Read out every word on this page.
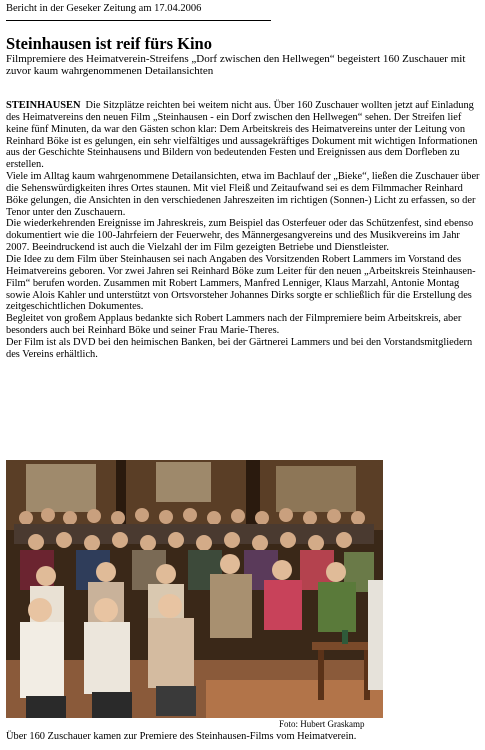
Bericht in der Geseker Zeitung am 17.04.2006
Steinhausen ist reif fürs Kino

Filmpremiere des Heimatverein-Streifens „Dorf zwischen den Hellwegen“ begeistert 160 Zuschauer mit zuvor kaum wahrgenommenen Detailansichten

STEINHAUSEN Die Sitzplätze reichten bei weitem nicht aus. Über 160 Zuschauer wollten jetzt auf Einladung des Heimatvereins den neuen Film „Steinhausen - ein Dorf zwischen den Hellwegen“ sehen. Der Streifen lief keine fünf Minuten, da war den Gästen schon klar: Dem Arbeitskreis des Heimatvereins unter der Leitung von Reinhard Böke ist es gelungen, ein sehr vielfältiges und aussagekräftiges Dokument mit wichtigen Informationen aus der Geschichte Steinhausens und Bildern von bedeutenden Festen und Ereignissen aus dem Dorfleben zu erstellen.

Viele im Alltag kaum wahrgenommene Detailansichten, etwa im Bachlauf der „Bieke“, ließen die Zuschauer über die Sehenswürdigkeiten ihres Ortes staunen. Mit viel Fleiß und Zeitaufwand sei es dem Filmmacher Reinhard Böke gelungen, die Ansichten in den verschiedenen Jahreszeiten im richtigen (Sonnen-) Licht zu erfassen, so der Tenor unter den Zuschauern.

Die wiederkehrenden Ereignisse im Jahreskreis, zum Beispiel das Osterfeuer oder das Schützenfest, sind ebenso dokumentiert wie die 100-Jahrfeiern der Feuerwehr, des Männergesangvereins und des Musikvereins im Jahr 2007. Beeindruckend ist auch die Vielzahl der im Film gezeigten Betriebe und Dienstleister.

Die Idee zu dem Film über Steinhausen sei nach Angaben des Vorsitzenden Robert Lammers im Vorstand des Heimatvereins geboren. Vor zwei Jahren sei Reinhard Böke zum Leiter für den neuen „Arbeitskreis Steinhausen-Film“ berufen worden. Zusammen mit Robert Lammers, Manfred Lenniger, Klaus Marzahl, Antonie Montag sowie Alois Kahler und unterstützt von Ortsvorsteher Johannes Dirks sorgte er schließlich für die Erstellung des zeitgeschichtlichen Dokumentes.

Begleitet von großem Applaus bedankte sich Robert Lammers nach der Filmpremiere beim Arbeitskreis, aber besonders auch bei Reinhard Böke und seiner Frau Marie-Theres.

Der Film ist als DVD bei den heimischen Banken, bei der Gärtnerei Lammers und bei den Vorstandsmitgliedern des Vereins erhältlich.

Foto: Hubert Graskamp
Über 160 Zuschauer kamen zur Premiere des Steinhausen-Films vom Heimatverein.
